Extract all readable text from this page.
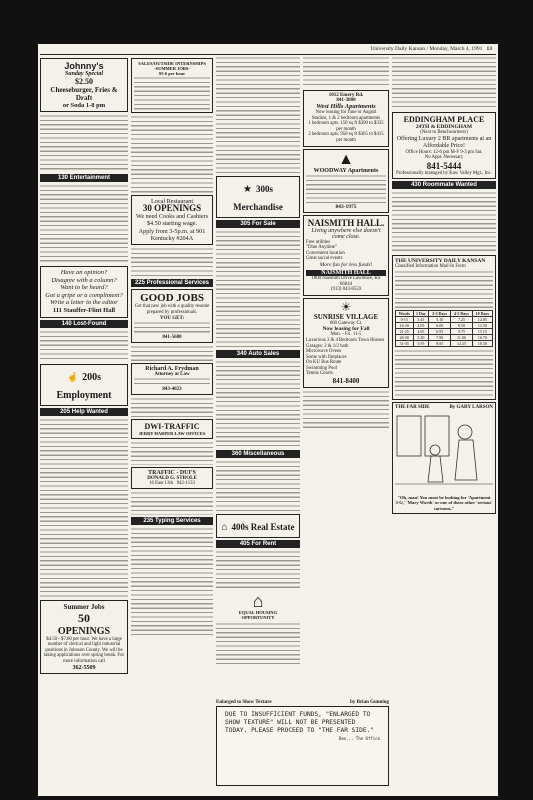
University Daily Kansan / Monday, March 4, 1991 13
Johnny's
Sunday Special
$2.50
Cheeseburger, Fries & Draft
or Soda 1-8 pm
130 Entertainment
Have an opinion?
Disagree with a column?
Want to be heard?
Got a gripe or a compliment?
Write a letter to the editor
111 Stauffer-Flint Hall
140 Lost-Found
☝ 200s Employment
205 Help Wanted
Summer Jobs
50
OPENINGS
$4.50 - $7.00 per hour. We have a large number of clerical and light industrial positions in Johnson County. We will be taking applications over spring break. For more information call
362-5509
SALES/OUTSIDE INTERNSHIPS
-SUMMER JOBS-
$5-6 per hour
Local Restaurant
30 OPENINGS
We need Cooks and Cashiers $4.50 starting wage.
Apply from 3-5p.m. at 901 Kentucky #204A
225 Professional Services
GOOD JOBS
Get that new job with a quality resume prepared by professionals.
YOU GET:
841-5680
Richard A. Frydman
Attorney at Law
843-4023
DWI-TRAFFIC
JERRY HARPER LAW OFFICES
TRAFFIC - DUI'S
DONALD G. STROLE
16 East 13th 842-1133
235 Typing Services
★ 300s Merchandise
305 For Sale
340 Auto Sales
360 Miscellaneous
⌂ 400s Real Estate
405 For Rent
⌂
EQUAL HOUSING
OPPORTUNITY
1012 Emery Rd.
841-3800
West Hills Apartments
Now leasing for June or August
Studios, 1 & 2 bedroom apartments
1 bedroom apts. 150 sq ft $390 to $335 per month
2 bedroom apts. 950 sq ft $365 to $415 per month
▲
WOODWAY Apartments
843-1975
NAISMITH HALL.
Living anywhere else doesn't come close.
Free utilities
"Dine Anytime"
Convenient location
Great social events
More fun for less funds!
NAISMITH HALL
1800 Naismith Drive Lawrence, KS 66044
(913) 843-8559
☀
SUNRISE VILLAGE
660 Gateway Ct.
Now leasing for Fall
Mon. - Fri. 11-5
Luxurious 3 & 4 Bedroom Town Houses
Garages: 2 & 1/2 bath
Microwave Ovens
Some with fireplaces
On KU Bus Route
Swimming Pool
Tennis Courts
841-8400
EDDINGHAM PLACE
24TH & EDDINGHAM
(Next to Benchwarmers)
Offering Luxury 2 BR apartments at an Affordable Price!
Office Hours: 12-6 pm M-F 9-3 pm Sat.
No Appt. Necessary
841-5444
Professionally managed by Kaw Valley Mgt., Inc.
430 Roommate Wanted
THE UNIVERSITY DAILY KANSAN
Classified Information Mail-In Form
Words	1 Day	2-3 Days	4-5 Days	10 Days
0-15	3.45	5.10	7.25	12.05
16-20	4.05	6.00	8.50	13.50
21-25	4.65	6.95	9.75	15.15
26-30	5.30	7.90	11.00	16.70
31-35	5.95	8.85	12.25	18.30
THE FAR SIDE	By GARY LARSON
"Oh, man! You must be looking for 'Apartment 3-G,' 'Mary Worth' or one of those other 'serious' cartoons."
Enlarged to Show Texture	by Brian Gunning
DUE TO INSUFFICIENT FUNDS, "ENLARGED TO SHOW TEXTURE" WILL NOT BE PRESENTED TODAY. PLEASE PROCEED TO "THE FAR SIDE."
Ben... The Office
